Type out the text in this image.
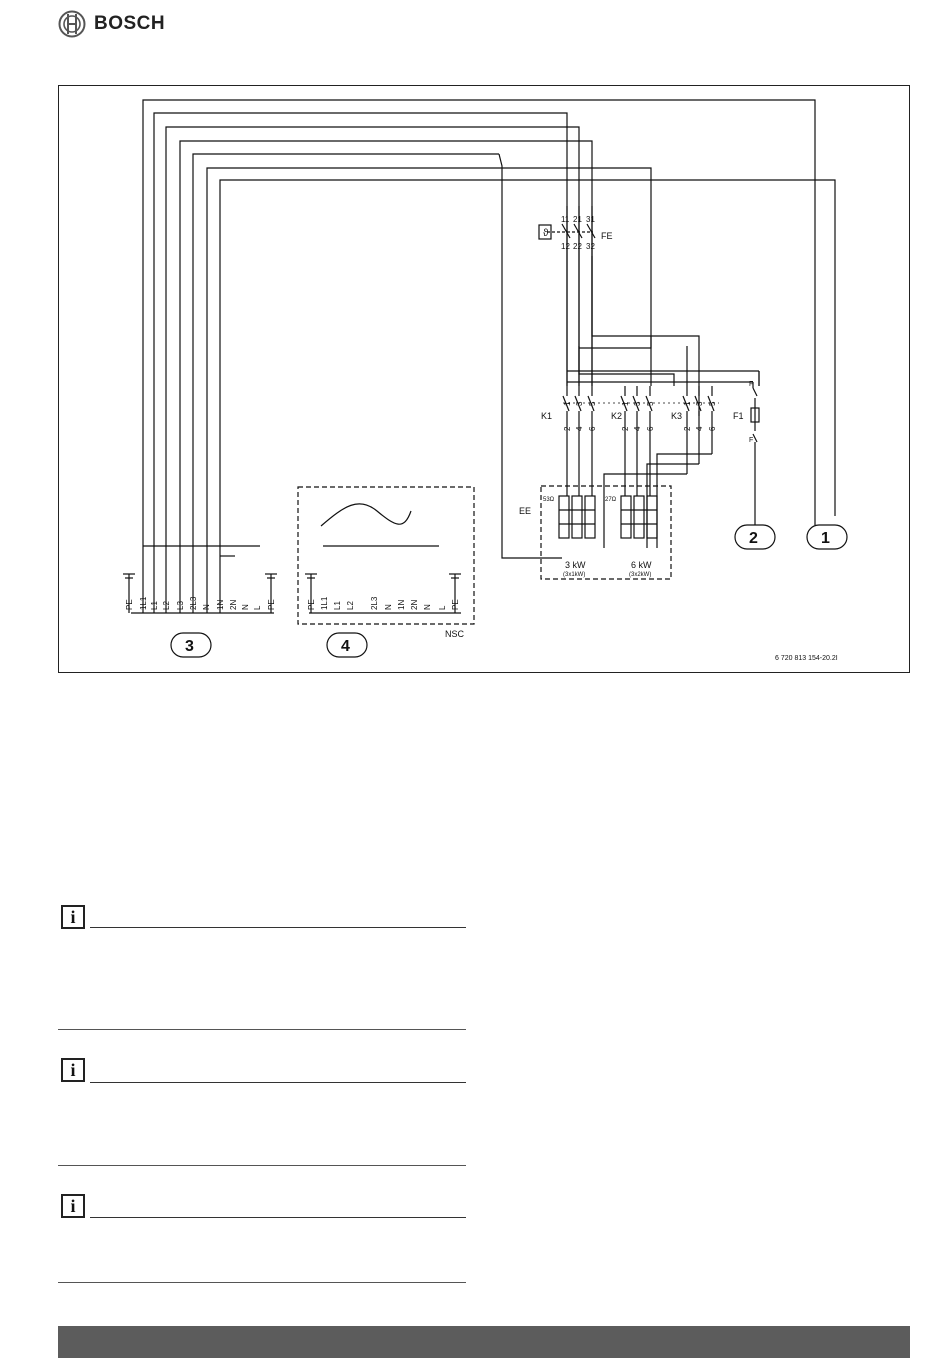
BOSCH
ϑ	FE
11 21 31
12 22 32
K1	K2	K3	F1
F
F
EE
53Ω	27Ω
3 kW
(3x1kW)
6 kW
(3x2kW)
NSC
3	4
2	1
6 720 813 154-20.2I
1 3 5
2 4 6
1 3 5
2 4 6
1 3 5
2 4 6
PE 1L1 L1 L2 L3 2L3 N 1N 2N N L PE	PE 1L1 L1 L2 2L3 N 1N 2N N L PE
i
i
i
